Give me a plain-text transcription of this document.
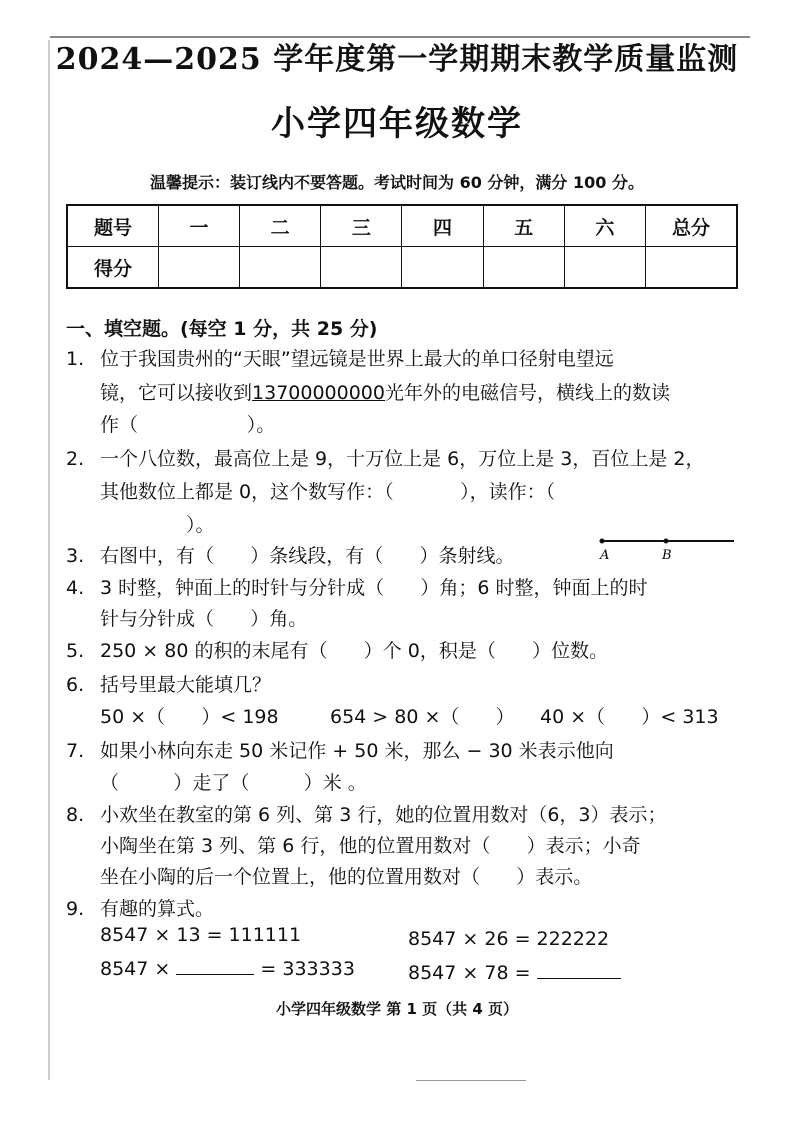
2024—2025 学年度第一学期期末教学质量监测
小学四年级数学
温馨提示：装订线内不要答题。考试时间为 60 分钟，满分 100 分。
题号	一	二	三	四	五	六	总分
得分							
一、填空题。(每空 1 分，共 25 分)
1. 位于我国贵州的“天眼”望远镜是世界上最大的单口径射电望远
镜，它可以接收到13700000000光年外的电磁信号，横线上的数读
作（                  ）。
2. 一个八位数，最高位上是 9，十万位上是 6，万位上是 3，百位上是 2，
其他数位上都是 0，这个数写作：（           ），读作：（
）。
3. 右图中，有（      ）条线段，有（      ）条射线。	A	B
4. 3 时整，钟面上的时针与分针成（      ）角；6 时整，钟面上的时
针与分针成（      ）角。
5. 250 × 80 的积的末尾有（      ）个 0，积是（      ）位数。
6. 括号里最大能填几？
50 ×（      ）< 198	654 > 80 ×（      ） 40 ×（      ）< 313
7. 如果小林向东走 50 米记作 + 50 米，那么 − 30 米表示他向
（         ）走了（         ）米 。
8. 小欢坐在教室的第 6 列、第 3 行，她的位置用数对（6，3）表示；
小陶坐在第 3 列、第 6 行，他的位置用数对（      ）表示；小奇
坐在小陶的后一个位置上，他的位置用数对（      ）表示。
9. 有趣的算式。
8547 × 13 = 111111	8547 × 26 = 222222
8547 ×	= 333333	8547 × 78 =
小学四年级数学 第 1 页（共 4 页）
